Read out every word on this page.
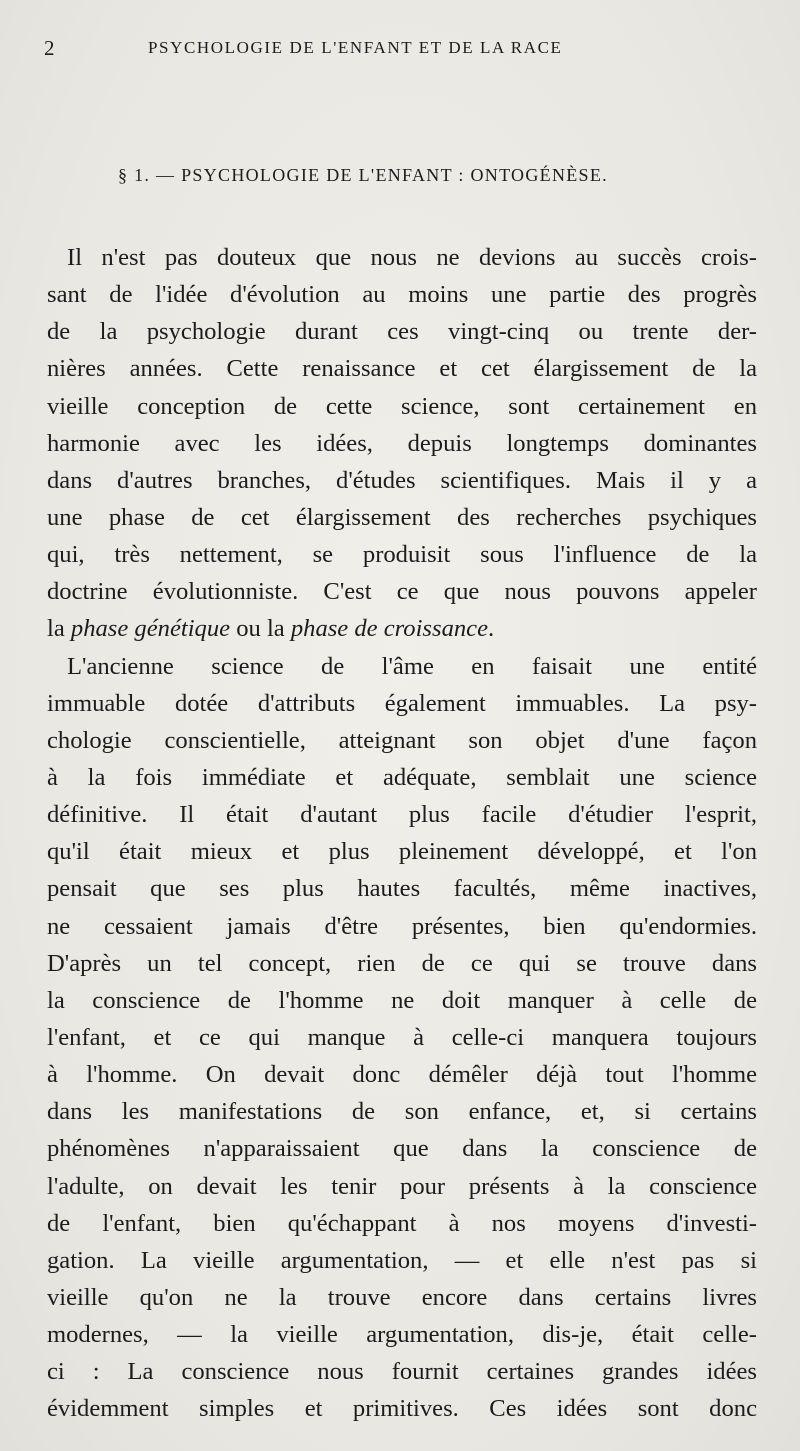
2	PSYCHOLOGIE DE L'ENFANT ET DE LA RACE
§ 1. — PSYCHOLOGIE DE L'ENFANT : ONTOGÉNÈSE.
Il n'est pas douteux que nous ne devions au succès crois-
sant de l'idée d'évolution au moins une partie des progrès
de la psychologie durant ces vingt-cinq ou trente der-
nières années. Cette renaissance et cet élargissement de la
vieille conception de cette science, sont certainement en
harmonie avec les idées, depuis longtemps dominantes
dans d'autres branches, d'études scientifiques. Mais il y a
une phase de cet élargissement des recherches psychiques
qui, très nettement, se produisit sous l'influence de la
doctrine évolutionniste. C'est ce que nous pouvons appeler
la phase génétique ou la phase de croissance.
L'ancienne science de l'âme en faisait une entité
immuable dotée d'attributs également immuables. La psy-
chologie conscientielle, atteignant son objet d'une façon
à la fois immédiate et adéquate, semblait une science
définitive. Il était d'autant plus facile d'étudier l'esprit,
qu'il était mieux et plus pleinement développé, et l'on
pensait que ses plus hautes facultés, même inactives,
ne cessaient jamais d'être présentes, bien qu'endormies.
D'après un tel concept, rien de ce qui se trouve dans
la conscience de l'homme ne doit manquer à celle de
l'enfant, et ce qui manque à celle-ci manquera toujours
à l'homme. On devait donc démêler déjà tout l'homme
dans les manifestations de son enfance, et, si certains
phénomènes n'apparaissaient que dans la conscience de
l'adulte, on devait les tenir pour présents à la conscience
de l'enfant, bien qu'échappant à nos moyens d'investi-
gation. La vieille argumentation, — et elle n'est pas si
vieille qu'on ne la trouve encore dans certains livres
modernes, — la vieille argumentation, dis-je, était celle-
ci : La conscience nous fournit certaines grandes idées
évidemment simples et primitives. Ces idées sont donc
